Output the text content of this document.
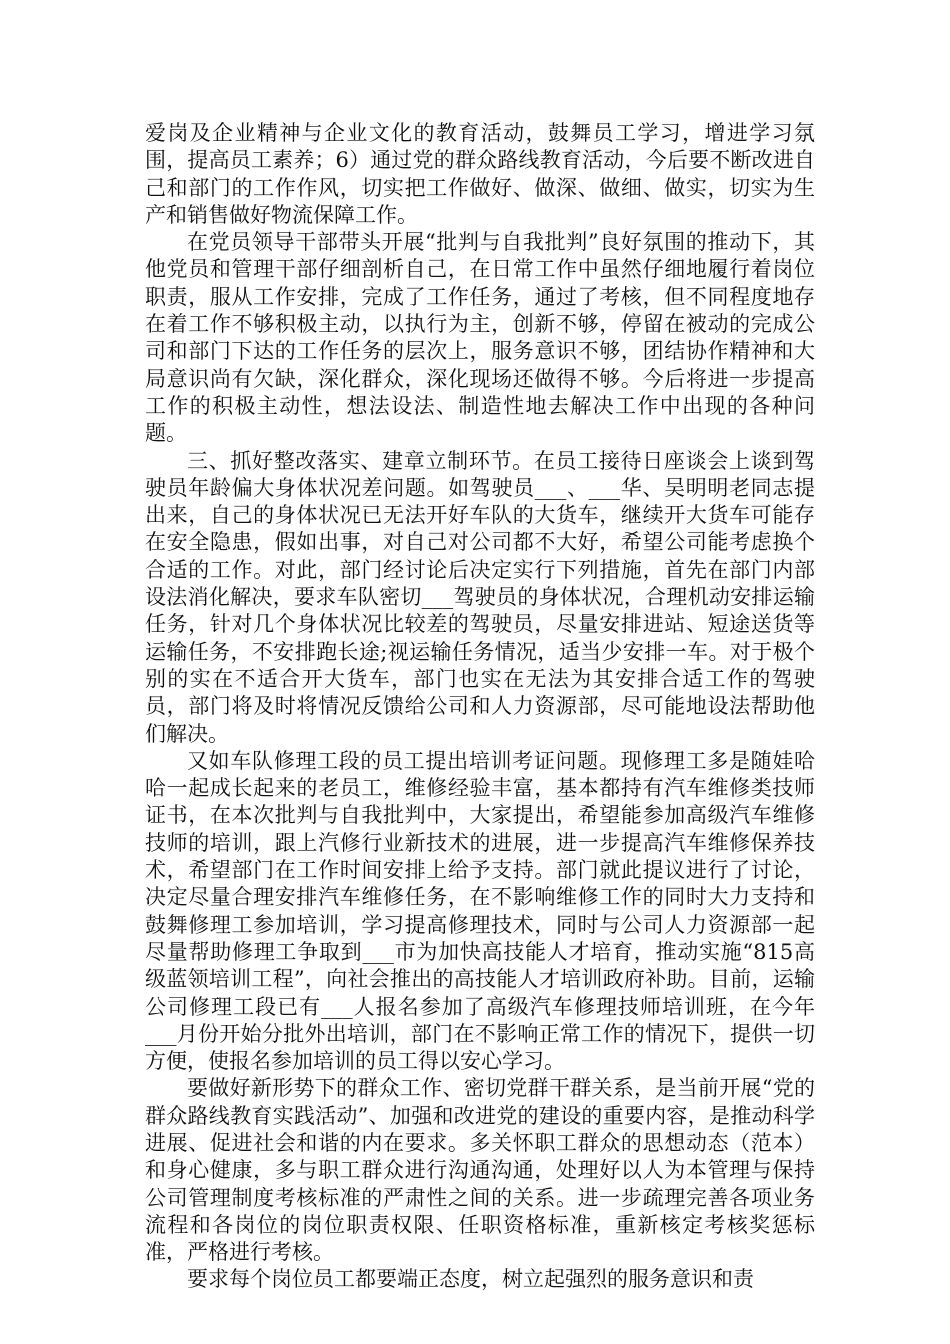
爱岗及企业精神与企业文化的教育活动，鼓舞员工学习，增进学习氛围，提高员工素养；6）通过党的群众路线教育活动，今后要不断改进自己和部门的工作作风，切实把工作做好、做深、做细、做实，切实为生产和销售做好物流保障工作。

在党员领导干部带头开展“批判与自我批判”良好氛围的推动下，其他党员和管理干部仔细剖析自己，在日常工作中虽然仔细地履行着岗位职责，服从工作安排，完成了工作任务，通过了考核，但不同程度地存在着工作不够积极主动，以执行为主，创新不够，停留在被动的完成公司和部门下达的工作任务的层次上，服务意识不够，团结协作精神和大局意识尚有欠缺，深化群众，深化现场还做得不够。今后将进一步提高工作的积极主动性，想法设法、制造性地去解决工作中出现的各种问题。

三、抓好整改落实、建章立制环节。在员工接待日座谈会上谈到驾驶员年龄偏大身体状况差问题。如驾驶员___、___华、吴明明老同志提出来，自己的身体状况已无法开好车队的大货车，继续开大货车可能存在安全隐患，假如出事，对自己对公司都不大好，希望公司能考虑换个合适的工作。对此，部门经讨论后决定实行下列措施，首先在部门内部设法消化解决，要求车队密切___驾驶员的身体状况，合理机动安排运输任务，针对几个身体状况比较差的驾驶员，尽量安排进站、短途送货等运输任务，不安排跑长途;视运输任务情况，适当少安排一车。对于极个别的实在不适合开大货车，部门也实在无法为其安排合适工作的驾驶员，部门将及时将情况反馈给公司和人力资源部，尽可能地设法帮助他们解决。

又如车队修理工段的员工提出培训考证问题。现修理工多是随娃哈哈一起成长起来的老员工，维修经验丰富，基本都持有汽车维修类技师证书，在本次批判与自我批判中，大家提出，希望能参加高级汽车维修技师的培训，跟上汽修行业新技术的进展，进一步提高汽车维修保养技术，希望部门在工作时间安排上给予支持。部门就此提议进行了讨论，决定尽量合理安排汽车维修任务，在不影响维修工作的同时大力支持和鼓舞修理工参加培训，学习提高修理技术，同时与公司人力资源部一起尽量帮助修理工争取到___市为加快高技能人才培育，推动实施“815高级蓝领培训工程”，向社会推出的高技能人才培训政府补助。目前，运输公司修理工段已有___人报名参加了高级汽车修理技师培训班，在今年___月份开始分批外出培训，部门在不影响正常工作的情况下，提供一切方便，使报名参加培训的员工得以安心学习。

要做好新形势下的群众工作、密切党群干群关系，是当前开展“党的群众路线教育实践活动”、加强和改进党的建设的重要内容，是推动科学进展、促进社会和谐的内在要求。多关怀职工群众的思想动态（范本）和身心健康，多与职工群众进行沟通沟通，处理好以人为本管理与保持公司管理制度考核标准的严肃性之间的关系。进一步疏理完善各项业务流程和各岗位的岗位职责权限、任职资格标准，重新核定考核奖惩标准，严格进行考核。

要求每个岗位员工都要端正态度，树立起强烈的服务意识和责
